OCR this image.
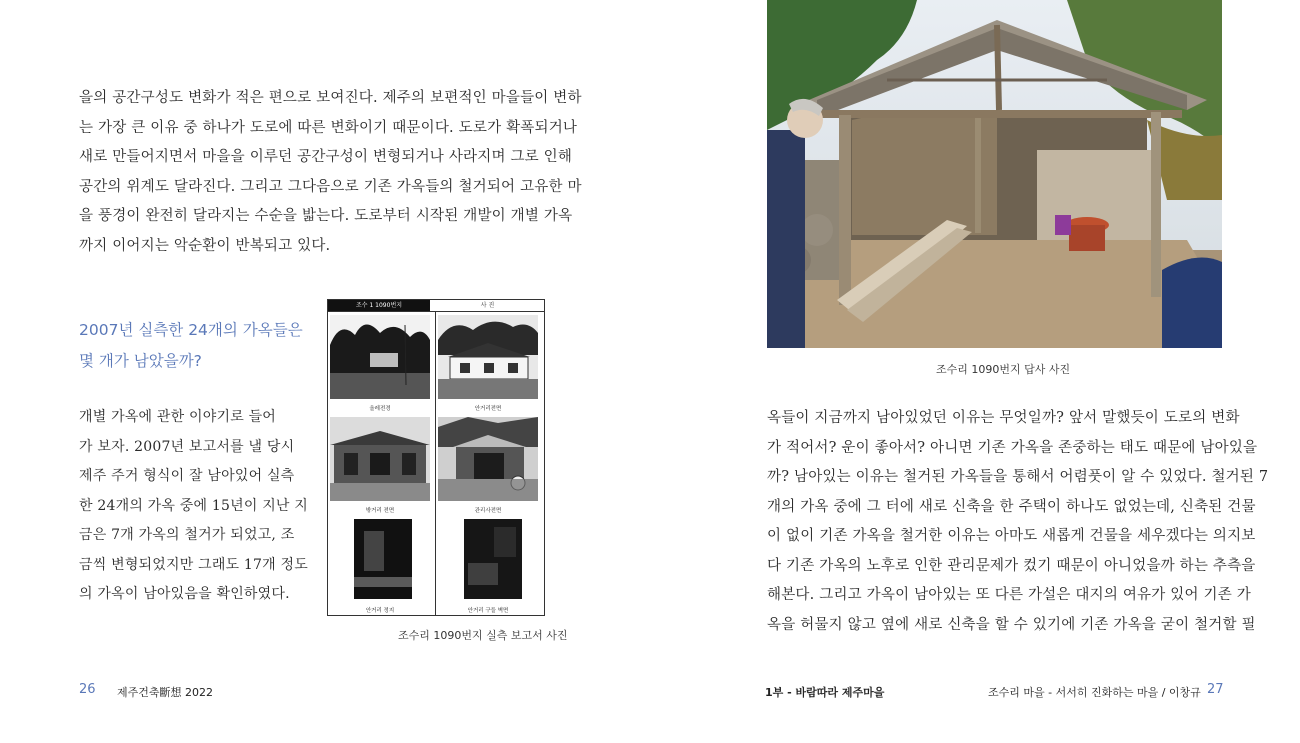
을의 공간구성도 변화가 적은 편으로 보여진다. 제주의 보편적인 마을들이 변하
는 가장 큰 이유 중 하나가 도로에 따른 변화이기 때문이다. 도로가 확폭되거나
새로 만들어지면서 마을을 이루던 공간구성이 변형되거나 사라지며 그로 인해
공간의 위계도 달라진다. 그리고 그다음으로 기존 가옥들의 철거되어 고유한 마
을 풍경이 완전히 달라지는 수순을 밟는다. 도로부터 시작된 개발이 개별 가옥
까지 이어지는 악순환이 반복되고 있다.
2007년 실측한 24개의 가옥들은
몇 개가 남았을까?
개별 가옥에 관한 이야기로 들어
가 보자. 2007년 보고서를 낼 당시
제주 주거 형식이 잘 남아있어 실측
한 24개의 가옥 중에 15년이 지난 지
금은 7개 가옥의 철거가 되었고, 조
금씩 변형되었지만 그래도 17개 정도
의 가옥이 남아있음을 확인하였다.
조수 1 1090번지	사 진
올레전경	안거리전면
밖거리 전면	관리사전면
안거리 정지	안거리 구들 벽면
조수리 1090번지 실측 보고서 사진
26 제주건축斷想 2022
조수리 1090번지 답사 사진
옥들이 지금까지 남아있었던 이유는 무엇일까? 앞서 말했듯이 도로의 변화
가 적어서? 운이 좋아서? 아니면 기존 가옥을 존중하는 태도 때문에 남아있을
까? 남아있는 이유는 철거된 가옥들을 통해서 어렴풋이 알 수 있었다. 철거된 7
개의 가옥 중에 그 터에 새로 신축을 한 주택이 하나도 없었는데, 신축된 건물
이 없이 기존 가옥을 철거한 이유는 아마도 새롭게 건물을 세우겠다는 의지보
다 기존 가옥의 노후로 인한 관리문제가 컸기 때문이 아니었을까 하는 추측을
해본다. 그리고 가옥이 남아있는 또 다른 가설은 대지의 여유가 있어 기존 가
옥을 허물지 않고 옆에 새로 신축을 할 수 있기에 기존 가옥을 굳이 철거할 필
1부 - 바람따라 제주마을	조수리 마을 - 서서히 진화하는 마을 / 이창규 27
